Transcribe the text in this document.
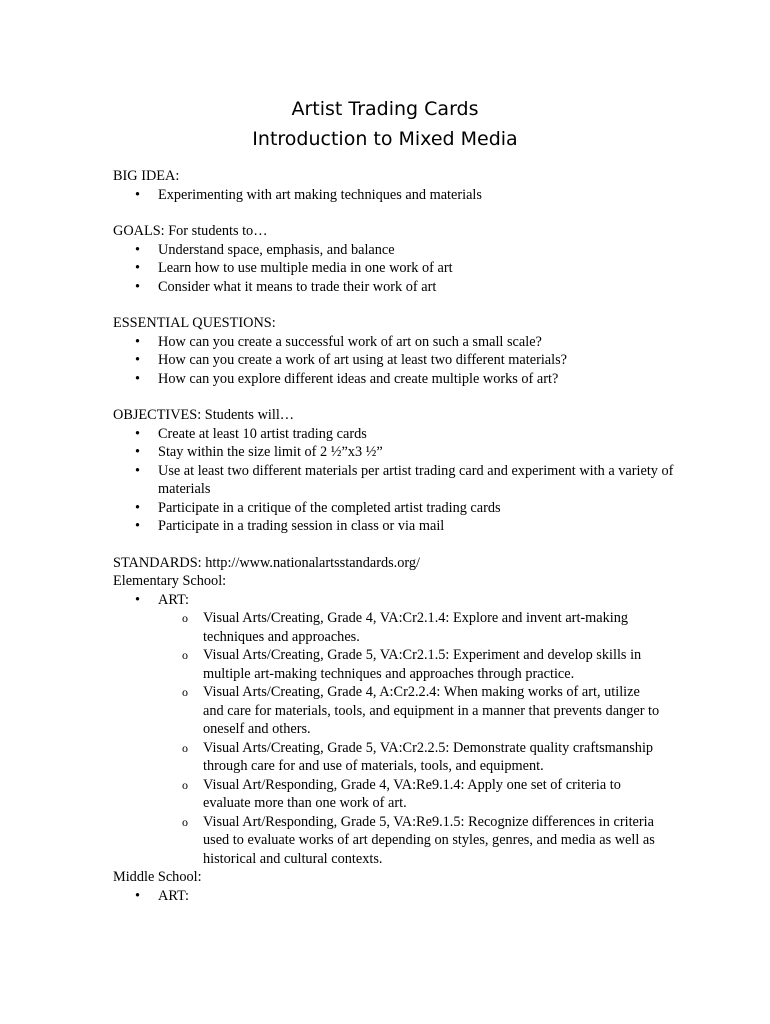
Artist Trading Cards
Introduction to Mixed Media
BIG IDEA:
• Experimenting with art making techniques and materials
GOALS: For students to…
• Understand space, emphasis, and balance
• Learn how to use multiple media in one work of art
• Consider what it means to trade their work of art
ESSENTIAL QUESTIONS:
• How can you create a successful work of art on such a small scale?
• How can you create a work of art using at least two different materials?
• How can you explore different ideas and create multiple works of art?
OBJECTIVES: Students will…
• Create at least 10 artist trading cards
• Stay within the size limit of 2 ½”x3 ½”
• Use at least two different materials per artist trading card and experiment with a variety of materials
• Participate in a critique of the completed artist trading cards
• Participate in a trading session in class or via mail
STANDARDS: http://www.nationalartsstandards.org/
Elementary School:
• ART:
o Visual Arts/Creating, Grade 4, VA:Cr2.1.4: Explore and invent art-making techniques and approaches.
o Visual Arts/Creating, Grade 5, VA:Cr2.1.5: Experiment and develop skills in multiple art-making techniques and approaches through practice.
o Visual Arts/Creating, Grade 4, A:Cr2.2.4: When making works of art, utilize and care for materials, tools, and equipment in a manner that prevents danger to oneself and others.
o Visual Arts/Creating, Grade 5, VA:Cr2.2.5: Demonstrate quality craftsmanship through care for and use of materials, tools, and equipment.
o Visual Art/Responding, Grade 4, VA:Re9.1.4: Apply one set of criteria to evaluate more than one work of art.
o Visual Art/Responding, Grade 5, VA:Re9.1.5: Recognize differences in criteria used to evaluate works of art depending on styles, genres, and media as well as historical and cultural contexts.
Middle School:
• ART:
